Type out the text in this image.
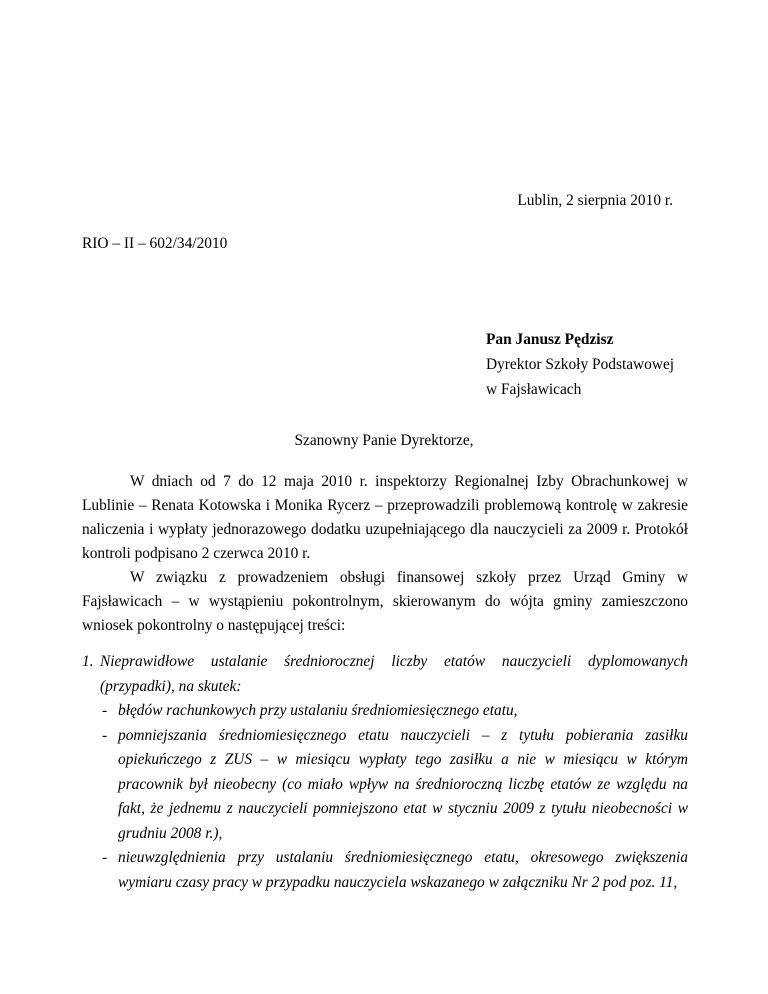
Lublin, 2 sierpnia 2010 r.
RIO – II – 602/34/2010
Pan Janusz Pędzisz
Dyrektor Szkoły Podstawowej
w Fajsławicach
Szanowny Panie Dyrektorze,

W dniach od 7 do 12 maja 2010 r. inspektorzy Regionalnej Izby Obrachunkowej w Lublinie – Renata Kotowska i Monika Rycerz – przeprowadzili problemową kontrolę w zakresie naliczenia i wypłaty jednorazowego dodatku uzupełniającego dla nauczycieli za 2009 r. Protokół kontroli podpisano 2 czerwca 2010 r.

W związku z prowadzeniem obsługi finansowej szkoły przez Urząd Gminy w Fajsławicach – w wystąpieniu pokontrolnym, skierowanym do wójta gminy zamieszczono wniosek pokontrolny o następującej treści:

1. Nieprawidłowe ustalanie średniorocznej liczby etatów nauczycieli dyplomowanych (przypadki), na skutek:
- błędów rachunkowych przy ustalaniu średniomiesięcznego etatu,
- pomniejszania średniomiesięcznego etatu nauczycieli – z tytułu pobierania zasiłku opiekuńczego z ZUS – w miesiącu wypłaty tego zasiłku a nie w miesiącu w którym pracownik był nieobecny (co miało wpływ na średnioroczną liczbę etatów ze względu na fakt, że jednemu z nauczycieli pomniejszono etat w styczniu 2009 z tytułu nieobecności w grudniu 2008 r.),
- nieuwzględnienia przy ustalaniu średniomiesięcznego etatu, okresowego zwiększenia wymiaru czasy pracy w przypadku nauczyciela wskazanego w załączniku Nr 2 pod poz. 11,
